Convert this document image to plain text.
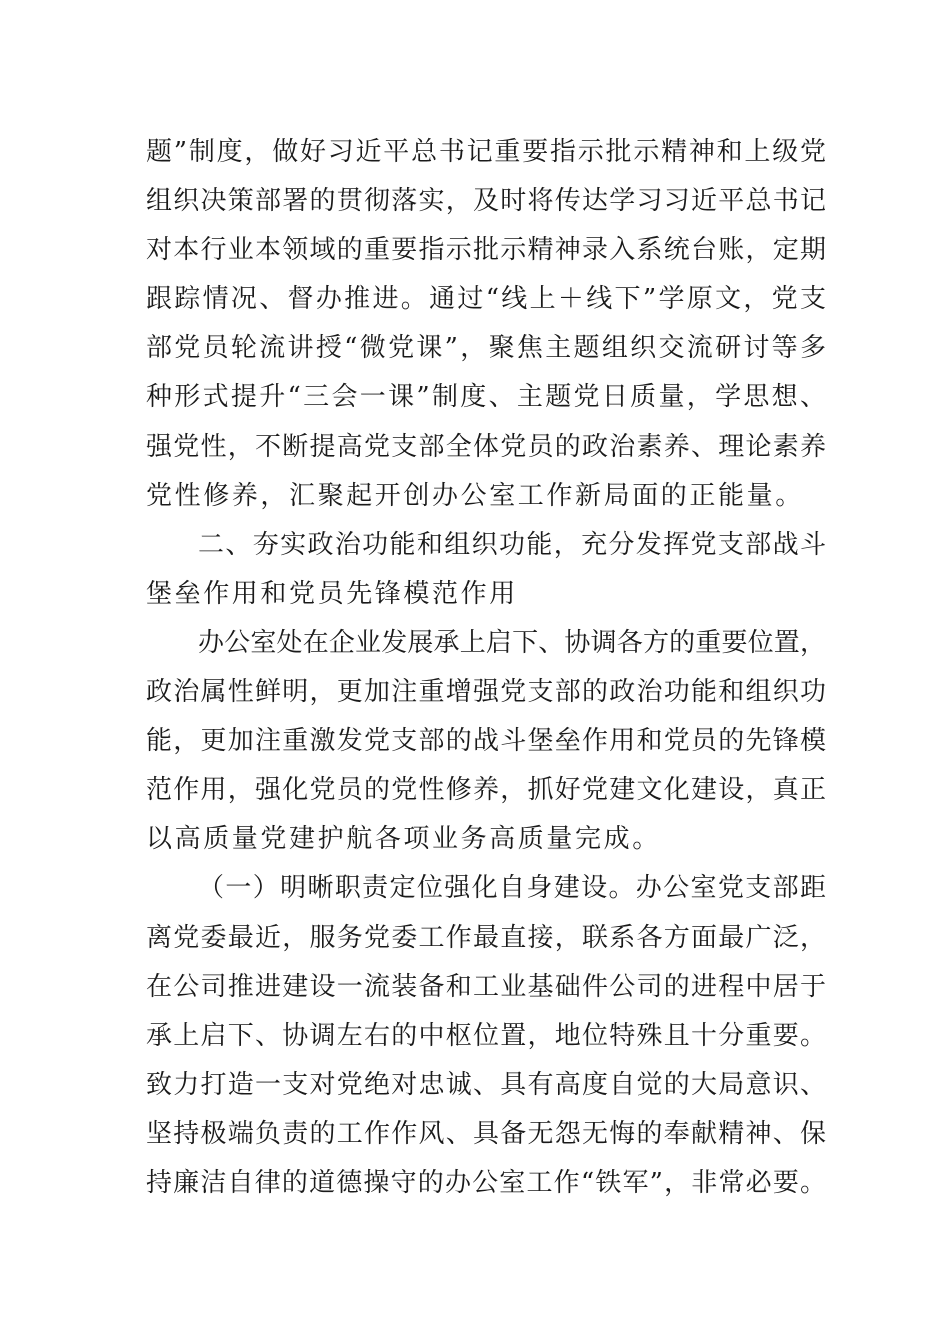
题”制度，做好习近平总书记重要指示批示精神和上级党
组织决策部署的贯彻落实，及时将传达学习习近平总书记
对本行业本领域的重要指示批示精神录入系统台账，定期
跟踪情况、督办推进。通过“线上＋线下”学原文，党支
部党员轮流讲授“微党课”，聚焦主题组织交流研讨等多
种形式提升“三会一课”制度、主题党日质量，学思想、
强党性，不断提高党支部全体党员的政治素养、理论素养
党性修养，汇聚起开创办公室工作新局面的正能量。
二、夯实政治功能和组织功能，充分发挥党支部战斗
堡垒作用和党员先锋模范作用
办公室处在企业发展承上启下、协调各方的重要位置，
政治属性鲜明，更加注重增强党支部的政治功能和组织功
能，更加注重激发党支部的战斗堡垒作用和党员的先锋模
范作用，强化党员的党性修养，抓好党建文化建设，真正
以高质量党建护航各项业务高质量完成。
（一）明晰职责定位强化自身建设。办公室党支部距
离党委最近，服务党委工作最直接，联系各方面最广泛，
在公司推进建设一流装备和工业基础件公司的进程中居于
承上启下、协调左右的中枢位置，地位特殊且十分重要。
致力打造一支对党绝对忠诚、具有高度自觉的大局意识、
坚持极端负责的工作作风、具备无怨无悔的奉献精神、保
持廉洁自律的道德操守的办公室工作“铁军”，非常必要。
